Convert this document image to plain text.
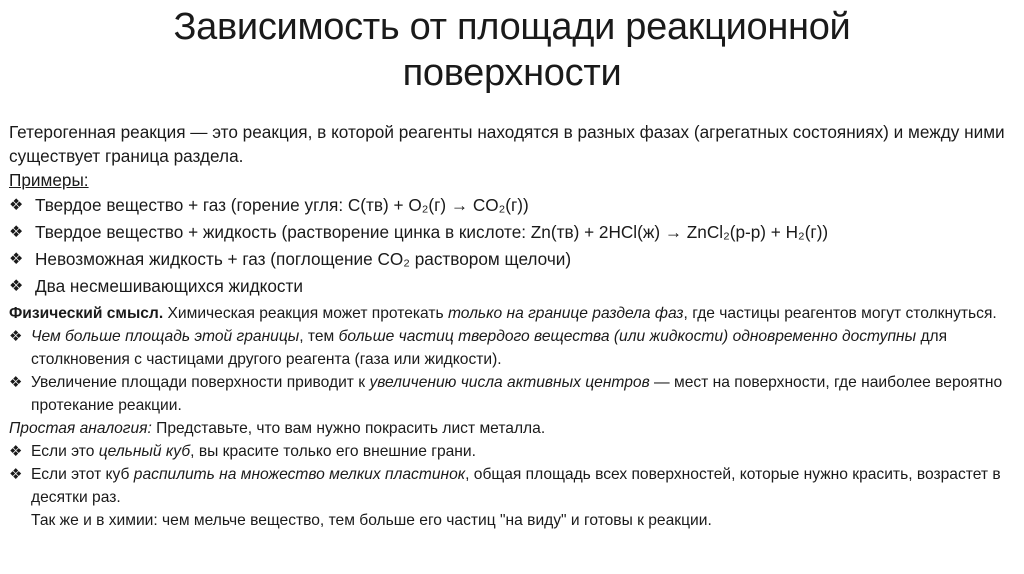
Зависимость от площади реакционной
поверхности

Гетерогенная реакция — это реакция, в которой реагенты находятся в разных фазах (агрегатных состояниях) и между ними существует граница раздела.

Примеры:

❖ Твердое вещество + газ (горение угля: C(тв) + O₂(г) → CO₂(г))
❖ Твердое вещество + жидкость (растворение цинка в кислоте: Zn(тв) + 2HCl(ж) → ZnCl₂(р-р) + H₂(г))
❖ Невозможная жидкость + газ (поглощение CO₂ раствором щелочи)
❖ Два несмешивающихся жидкости

Физический смысл. Химическая реакция может протекать только на границе раздела фаз, где частицы реагентов могут столкнуться.

❖ Чем больше площадь этой границы, тем больше частиц твердого вещества (или жидкости) одновременно доступны для столкновения с частицами другого реагента (газа или жидкости).
❖ Увеличение площади поверхности приводит к увеличению числа активных центров — мест на поверхности, где наиболее вероятно протекание реакции.

Простая аналогия: Представьте, что вам нужно покрасить лист металла.

❖ Если это цельный куб, вы красите только его внешние грани.
❖ Если этот куб распилить на множество мелких пластинок, общая площадь всех поверхностей, которые нужно красить, возрастет в десятки раз.

Так же и в химии: чем мельче вещество, тем больше его частиц "на виду" и готовы к реакции.
